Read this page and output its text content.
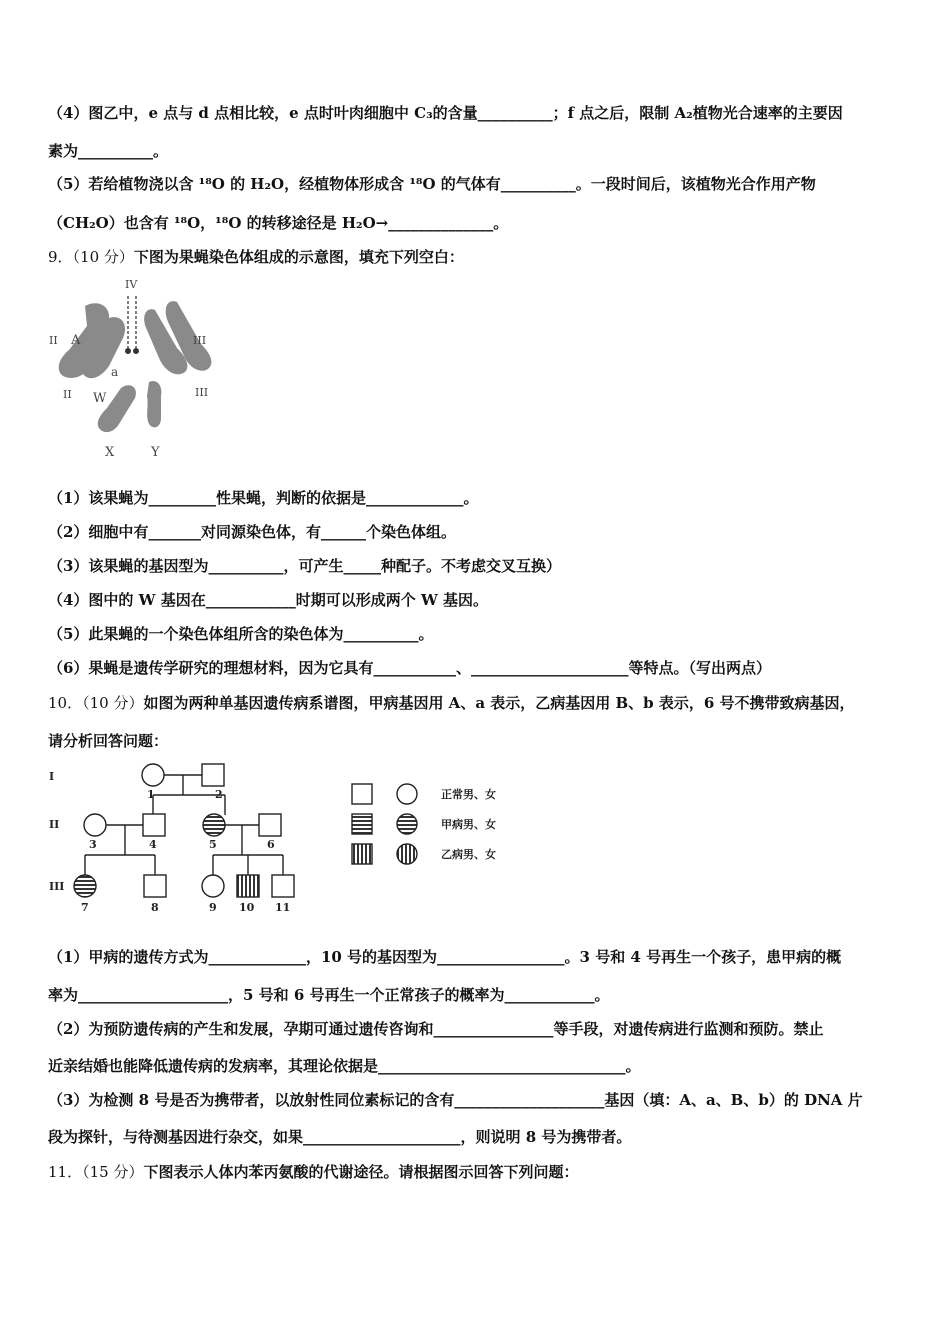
（4）图乙中，e 点与 d 点相比较，e 点时叶肉细胞中 C₃的含量__________；f 点之后，限制 A₂植物光合速率的主要因
素为__________。
（5）若给植物浇以含 ¹⁸O 的 H₂O，经植物体形成含 ¹⁸O 的气体有__________。一段时间后，该植物光合作用产物
（CH₂O）也含有 ¹⁸O，¹⁸O 的转移途径是 H₂O→______________。
9．（10 分）下图为果蝇染色体组成的示意图，填充下列空白：
IV
II	III
II	III
A
a
W
X	Y
（1）该果蝇为_________性果蝇，判断的依据是_____________。
（2）细胞中有_______对同源染色体，有______个染色体组。
（3）该果蝇的基因型为__________，可产生_____种配子。不考虑交叉互换）
（4）图中的 W 基因在____________时期可以形成两个 W 基因。
（5）此果蝇的一个染色体组所含的染色体为__________。
（6）果蝇是遗传学研究的理想材料，因为它具有___________、_____________________等特点。（写出两点）
10．（10 分）如图为两种单基因遗传病系谱图，甲病基因用 A、a 表示，乙病基因用 B、b 表示，6 号不携带致病基因，
请分析回答问题：
I
II
III
1	2
3	4	5	6
7	8	9 10 11
正常男、女
甲病男、女
乙病男、女
（1）甲病的遗传方式为_____________，10 号的基因型为_________________。3 号和 4 号再生一个孩子，患甲病的概
率为____________________，5 号和 6 号再生一个正常孩子的概率为____________。
（2）为预防遗传病的产生和发展，孕期可通过遗传咨询和________________等手段，对遗传病进行监测和预防。禁止
近亲结婚也能降低遗传病的发病率，其理论依据是_________________________________。
（3）为检测 8 号是否为携带者，以放射性同位素标记的含有____________________基因（填：A、a、B、b）的 DNA 片
段为探针，与待测基因进行杂交，如果_____________________，则说明 8 号为携带者。
11．（15 分）下图表示人体内苯丙氨酸的代谢途径。请根据图示回答下列问题：
